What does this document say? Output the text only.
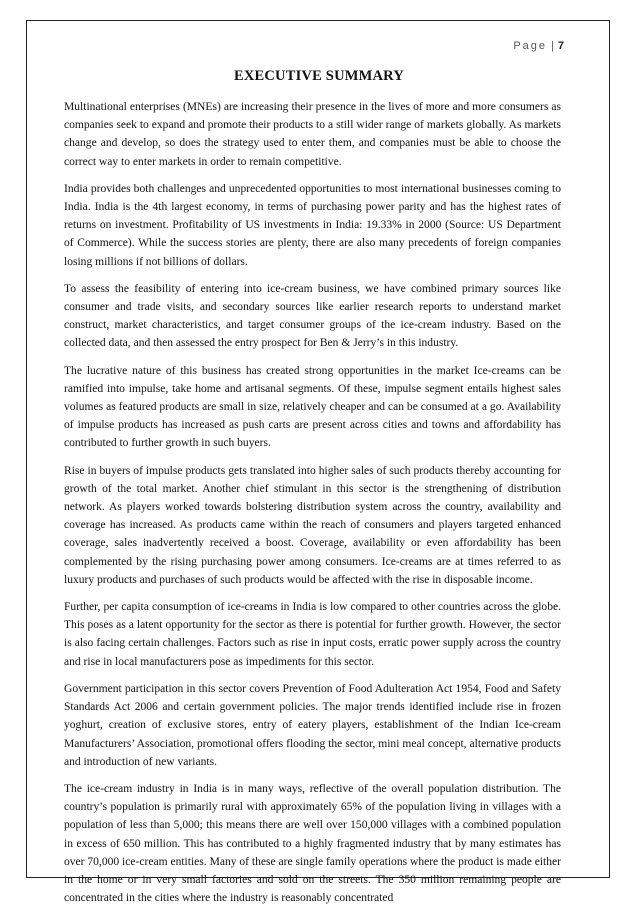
Page | 7
EXECUTIVE SUMMARY

Multinational enterprises (MNEs) are increasing their presence in the lives of more and more consumers as companies seek to expand and promote their products to a still wider range of markets globally. As markets change and develop, so does the strategy used to enter them, and companies must be able to choose the correct way to enter markets in order to remain competitive.

India provides both challenges and unprecedented opportunities to most international businesses coming to India. India is the 4th largest economy, in terms of purchasing power parity and has the highest rates of returns on investment. Profitability of US investments in India: 19.33% in 2000 (Source: US Department of Commerce). While the success stories are plenty, there are also many precedents of foreign companies losing millions if not billions of dollars.

To assess the feasibility of entering into ice-cream business, we have combined primary sources like consumer and trade visits, and secondary sources like earlier research reports to understand market construct, market characteristics, and target consumer groups of the ice-cream industry. Based on the collected data, and then assessed the entry prospect for Ben & Jerry’s in this industry.

The lucrative nature of this business has created strong opportunities in the market Ice-creams can be ramified into impulse, take home and artisanal segments. Of these, impulse segment entails highest sales volumes as featured products are small in size, relatively cheaper and can be consumed at a go. Availability of impulse products has increased as push carts are present across cities and towns and affordability has contributed to further growth in such buyers.

Rise in buyers of impulse products gets translated into higher sales of such products thereby accounting for growth of the total market. Another chief stimulant in this sector is the strengthening of distribution network. As players worked towards bolstering distribution system across the country, availability and coverage has increased. As products came within the reach of consumers and players targeted enhanced coverage, sales inadvertently received a boost. Coverage, availability or even affordability has been complemented by the rising purchasing power among consumers. Ice-creams are at times referred to as luxury products and purchases of such products would be affected with the rise in disposable income.

Further, per capita consumption of ice-creams in India is low compared to other countries across the globe. This poses as a latent opportunity for the sector as there is potential for further growth. However, the sector is also facing certain challenges. Factors such as rise in input costs, erratic power supply across the country and rise in local manufacturers pose as impediments for this sector.

Government participation in this sector covers Prevention of Food Adulteration Act 1954, Food and Safety Standards Act 2006 and certain government policies. The major trends identified include rise in frozen yoghurt, creation of exclusive stores, entry of eatery players, establishment of the Indian Ice-cream Manufacturers’ Association, promotional offers flooding the sector, mini meal concept, alternative products and introduction of new variants.

The ice-cream industry in India is in many ways, reflective of the overall population distribution. The country’s population is primarily rural with approximately 65% of the population living in villages with a population of less than 5,000; this means there are well over 150,000 villages with a combined population in excess of 650 million. This has contributed to a highly fragmented industry that by many estimates has over 70,000 ice-cream entities. Many of these are single family operations where the product is made either in the home or in very small factories and sold on the streets. The 350 million remaining people are concentrated in the cities where the industry is reasonably concentrated
